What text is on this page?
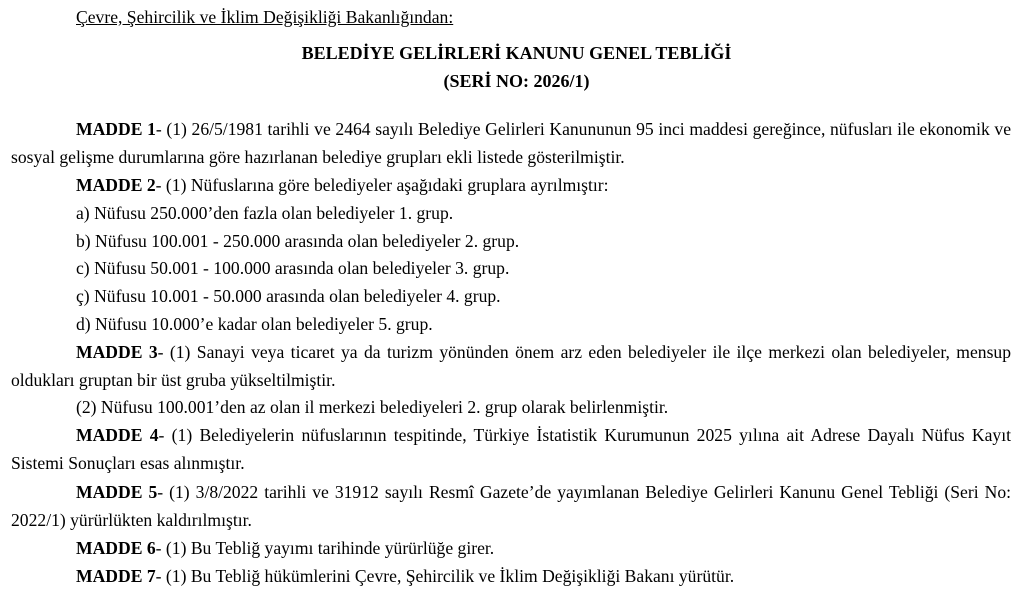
Çevre, Şehircilik ve İklim Değişikliği Bakanlığından:
BELEDİYE GELİRLERİ KANUNU GENEL TEBLİĞİ
(SERİ NO: 2026/1)
MADDE 1- (1) 26/5/1981 tarihli ve 2464 sayılı Belediye Gelirleri Kanununun 95 inci maddesi gereğince, nüfusları ile ekonomik ve sosyal gelişme durumlarına göre hazırlanan belediye grupları ekli listede gösterilmiştir.
MADDE 2- (1) Nüfuslarına göre belediyeler aşağıdaki gruplara ayrılmıştır:
a) Nüfusu 250.000’den fazla olan belediyeler 1. grup.
b) Nüfusu 100.001 - 250.000 arasında olan belediyeler 2. grup.
c) Nüfusu 50.001 - 100.000 arasında olan belediyeler 3. grup.
ç) Nüfusu 10.001 - 50.000 arasında olan belediyeler 4. grup.
d) Nüfusu 10.000’e kadar olan belediyeler 5. grup.
MADDE 3- (1) Sanayi veya ticaret ya da turizm yönünden önem arz eden belediyeler ile ilçe merkezi olan belediyeler, mensup oldukları gruptan bir üst gruba yükseltilmiştir.
(2) Nüfusu 100.001’den az olan il merkezi belediyeleri 2. grup olarak belirlenmiştir.
MADDE 4- (1) Belediyelerin nüfuslarının tespitinde, Türkiye İstatistik Kurumunun 2025 yılına ait Adrese Dayalı Nüfus Kayıt Sistemi Sonuçları esas alınmıştır.
MADDE 5- (1) 3/8/2022 tarihli ve 31912 sayılı Resmî Gazete’de yayımlanan Belediye Gelirleri Kanunu Genel Tebliği (Seri No: 2022/1) yürürlükten kaldırılmıştır.
MADDE 6- (1) Bu Tebliğ yayımı tarihinde yürürlüğe girer.
MADDE 7- (1) Bu Tebliğ hükümlerini Çevre, Şehircilik ve İklim Değişikliği Bakanı yürütür.
